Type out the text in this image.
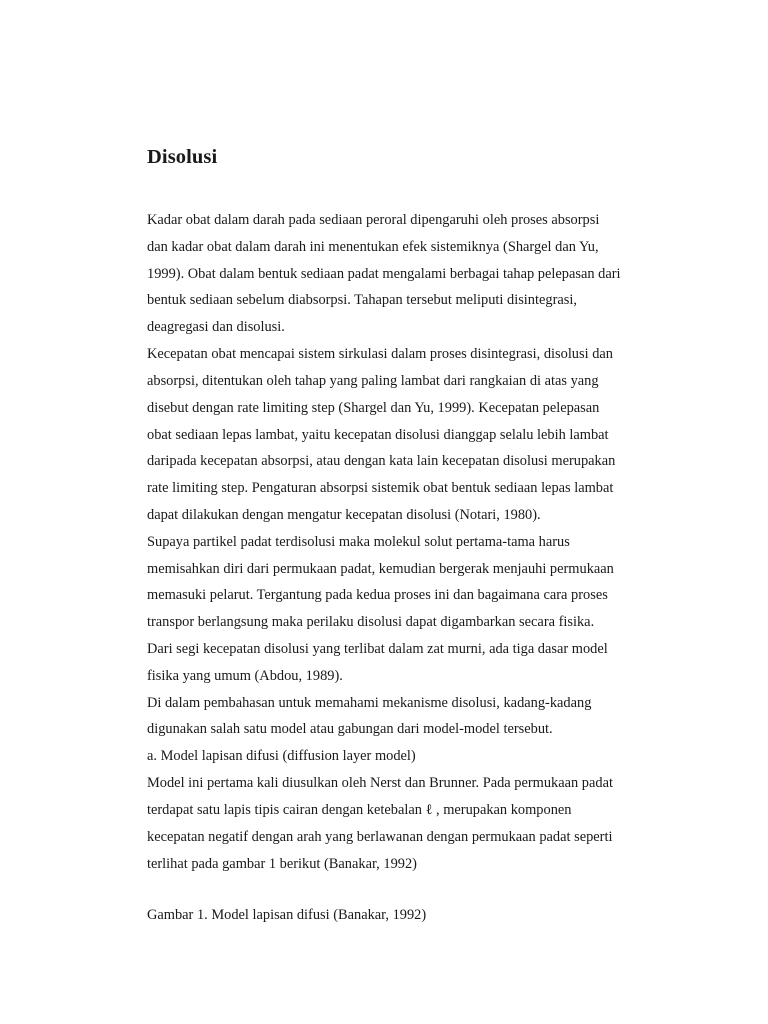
Disolusi
Kadar obat dalam darah pada sediaan peroral dipengaruhi oleh proses absorpsi
dan kadar obat dalam darah ini menentukan efek sistemiknya (Shargel dan Yu,
1999). Obat dalam bentuk sediaan padat mengalami berbagai tahap pelepasan dari
bentuk sediaan sebelum diabsorpsi. Tahapan tersebut meliputi disintegrasi,
deagregasi dan disolusi.
Kecepatan obat mencapai sistem sirkulasi dalam proses disintegrasi, disolusi dan
absorpsi, ditentukan oleh tahap yang paling lambat dari rangkaian di atas yang
disebut dengan rate limiting step (Shargel dan Yu, 1999). Kecepatan pelepasan
obat sediaan lepas lambat, yaitu kecepatan disolusi dianggap selalu lebih lambat
daripada kecepatan absorpsi, atau dengan kata lain kecepatan disolusi merupakan
rate limiting step. Pengaturan absorpsi sistemik obat bentuk sediaan lepas lambat
dapat dilakukan dengan mengatur kecepatan disolusi (Notari, 1980).
Supaya partikel padat terdisolusi maka molekul solut pertama-tama harus
memisahkan diri dari permukaan padat, kemudian bergerak menjauhi permukaan
memasuki pelarut. Tergantung pada kedua proses ini dan bagaimana cara proses
transpor berlangsung maka perilaku disolusi dapat digambarkan secara fisika.
Dari segi kecepatan disolusi yang terlibat dalam zat murni, ada tiga dasar model
fisika yang umum (Abdou, 1989).
Di dalam pembahasan untuk memahami mekanisme disolusi, kadang-kadang
digunakan salah satu model atau gabungan dari model-model tersebut.
a. Model lapisan difusi (diffusion layer model)
Model ini pertama kali diusulkan oleh Nerst dan Brunner. Pada permukaan padat
terdapat satu lapis tipis cairan dengan ketebalan ℓ , merupakan komponen
kecepatan negatif dengan arah yang berlawanan dengan permukaan padat seperti
terlihat pada gambar 1 berikut (Banakar, 1992)
Gambar 1. Model lapisan difusi (Banakar, 1992)
